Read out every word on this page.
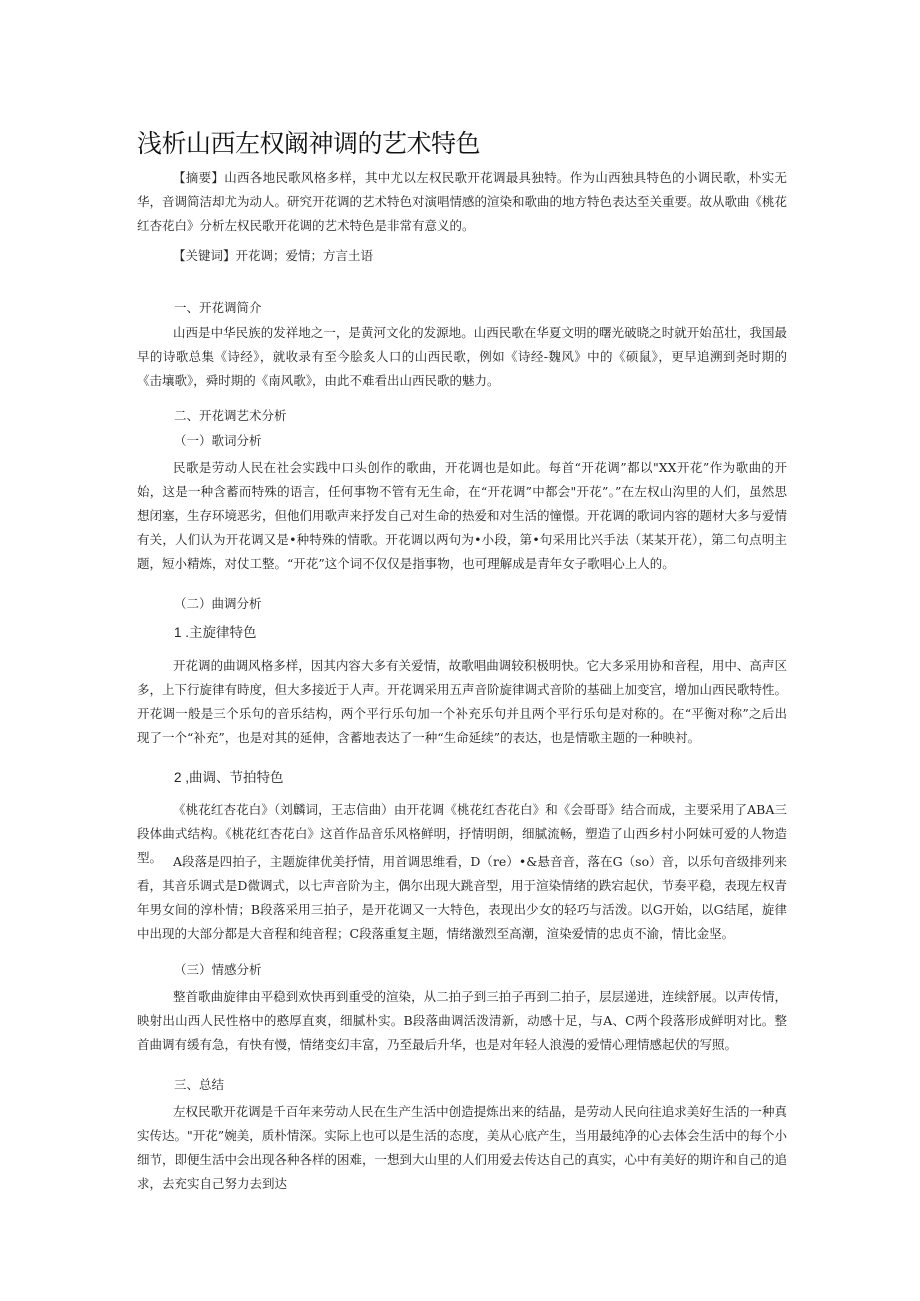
浅析山西左权阚神调的艺术特色

【摘要】山西各地民歌风格多样，其中尤以左权民歌开花调最具独特。作为山西独具特色的小调民歌，朴实无华，音调简洁却尤为动人。研究开花调的艺术特色对演唱情感的渲染和歌曲的地方特色表达至关重要。故从歌曲《桃花红杏花白》分析左权民歌开花调的艺术特色是非常有意义的。

【关键词】开花调；爱情；方言土语

一、开花调简介

山西是中华民族的发祥地之一，是黄河文化的发源地。山西民歌在华夏文明的曙光破晓之时就开始茁壮，我国最早的诗歌总集《诗经》，就收录有至今脍炙人口的山西民歌，例如《诗经-魏风》中的《硕鼠》，更早追溯到尧时期的《击壤歌》，舜时期的《南风歌》，由此不难看出山西民歌的魅力。

二、开花调艺术分析
（一）歌词分析

民歌是劳动人民在社会实践中口头创作的歌曲，开花调也是如此。每首“开花调”都以"XX开花”作为歌曲的开始，这是一种含蓄而特殊的语言，任何事物不管有无生命，在“开花调”中都会"开花”。”在左权山沟里的人们，虽然思想闭塞，生存环境恶劣，但他们用歌声来抒发自己对生命的热爱和对生活的憧憬。开花调的歌词内容的题材大多与爱情有关，人们认为开花调又是•种特殊的情歌。开花调以两句为•小段，第•句采用比兴手法（某某开花），第二句点明主题，短小精炼，对仗工整。“开花”这个词不仅仅是指事物，也可理解成是青年女子歌唱心上人的。

（二）曲调分析
1 .主旋律特色

开花调的曲调风格多样，因其内容大多有关爱情，故歌唱曲调较积极明快。它大多采用协和音程，用中、高声区多，上下行旋律有時度，但大多接近于人声。开花调采用五声音阶旋律调式音阶的基础上加变宫，增加山西民歌特性。开花调一般是三个乐句的音乐结构，两个平行乐句加一个补充乐句并且两个平行乐句是对称的。在“平衡对称”之后出现了一个“补充”，也是对其的延伸，含蓄地表达了一种“生命延续”的表达，也是情歌主题的一种映衬。

2 ,曲调、节拍特色

《桃花红杏花白》（刘麟词，王志信曲）由开花调《桃花红杏花白》和《会哥哥》结合而成，主要采用了ABA三段体曲式结构。《桃花红杏花白》这首作品音乐风格鲜明，抒情明朗，细腻流畅，塑造了山西乡村小阿妹可爱的人物造型。 A段落是四拍子，主题旋律优美抒情，用首调思维看，D（re）•&悬音音，落在G（so）音，以乐句音级排列来看，其音乐调式是D微调式，以七声音阶为主，偶尔出现大跳音型，用于渲染情绪的跌宕起伏，节奏平稳，表现左权青年男女间的淳朴情；B段落采用三拍子，是开花调又一大特色，表现出少女的轻巧与活泼。以G开始，以G结尾，旋律中出现的大部分都是大音程和纯音程；C段落重复主题，情绪激烈至高潮，渲染爱情的忠贞不渝，情比金坚。

（三）情感分析

整首歌曲旋律由平稳到欢快再到重受的渲染，从二拍子到三拍子再到二拍子，层层递进，连续舒展。以声传情，映射出山西人民性格中的憨厚直爽，细腻朴实。B段落曲调活泼清新，动感十足，与A、C两个段落形成鲜明对比。整首曲调有缓有急，有快有慢，情绪变幻丰富，乃至最后升华，也是对年轻人浪漫的爱情心理情感起伏的写照。

三、总结

左权民歌开花调是千百年来劳动人民在生产生活中创造提炼出来的结晶，是劳动人民向往追求美好生活的一种真实传达。"开花”婉美，质朴情深。实际上也可以是生活的态度，美从心底产生，当用最纯净的心去体会生活中的每个小细节，即便生活中会出现各种各样的困难，一想到大山里的人们用爱去传达自己的真实，心中有美好的期许和自己的追求，去充实自己努力去到达
